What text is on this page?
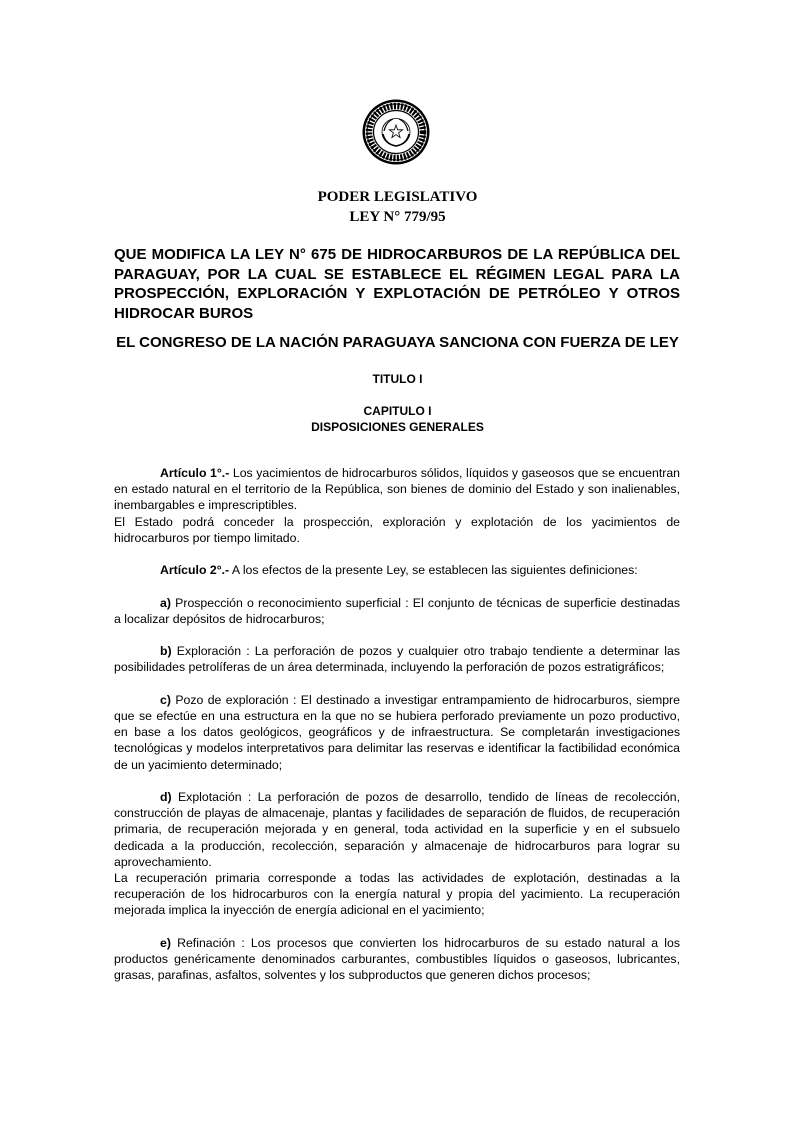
PODER LEGISLATIVO
LEY N° 779/95

QUE MODIFICA LA LEY N° 675 DE HIDROCARBUROS DE LA REPÚBLICA DEL PARAGUAY, POR LA CUAL SE ESTABLECE EL RÉGIMEN LEGAL PARA LA PROSPECCIÓN, EXPLORACIÓN Y EXPLOTACIÓN DE PETRÓLEO Y OTROS HIDROCAR BUROS

EL CONGRESO DE LA NACIÓN PARAGUAYA SANCIONA CON FUERZA DE LEY
TITULO I
CAPITULO I
DISPOSICIONES GENERALES

Artículo 1°.- Los yacimientos de hidrocarburos sólidos, líquidos y gaseosos que se encuentran en estado natural en el territorio de la República, son bienes de dominio del Estado y son inalienables, inembargables e imprescriptibles.

El Estado podrá conceder la prospección, exploración y explotación de los yacimientos de hidrocarburos por tiempo limitado.

Artículo 2°.- A los efectos de la presente Ley, se establecen las siguientes definiciones:

a) Prospección o reconocimiento superficial : El conjunto de técnicas de superficie destinadas a localizar depósitos de hidrocarburos;

b) Exploración : La perforación de pozos y cualquier otro trabajo tendiente a determinar las posibilidades petrolíferas de un área determinada, incluyendo la perforación de pozos estratigráficos;

c) Pozo de exploración : El destinado a investigar entrampamiento de hidrocarburos, siempre que se efectúe en una estructura en la que no se hubiera perforado previamente un pozo productivo, en base a los datos geológicos, geográficos y de infraestructura. Se completarán investigaciones tecnológicas y modelos interpretativos para delimitar las reservas e identificar la factibilidad económica de un yacimiento determinado;

d) Explotación : La perforación de pozos de desarrollo, tendido de líneas de recolección, construcción de playas de almacenaje, plantas y facilidades de separación de fluidos, de recuperación primaria, de recuperación mejorada y en general, toda actividad en la superficie y en el subsuelo dedicada a la producción, recolección, separación y almacenaje de hidrocarburos para lograr su aprovechamiento.

La recuperación primaria corresponde a todas las actividades de explotación, destinadas a la recuperación de los hidrocarburos con la energía natural y propia del yacimiento. La recuperación mejorada implica la inyección de energía adicional en el yacimiento;

e) Refinación : Los procesos que convierten los hidrocarburos de su estado natural a los productos genéricamente denominados carburantes, combustibles líquidos o gaseosos, lubricantes, grasas, parafinas, asfaltos, solventes y los subproductos que generen dichos procesos;
